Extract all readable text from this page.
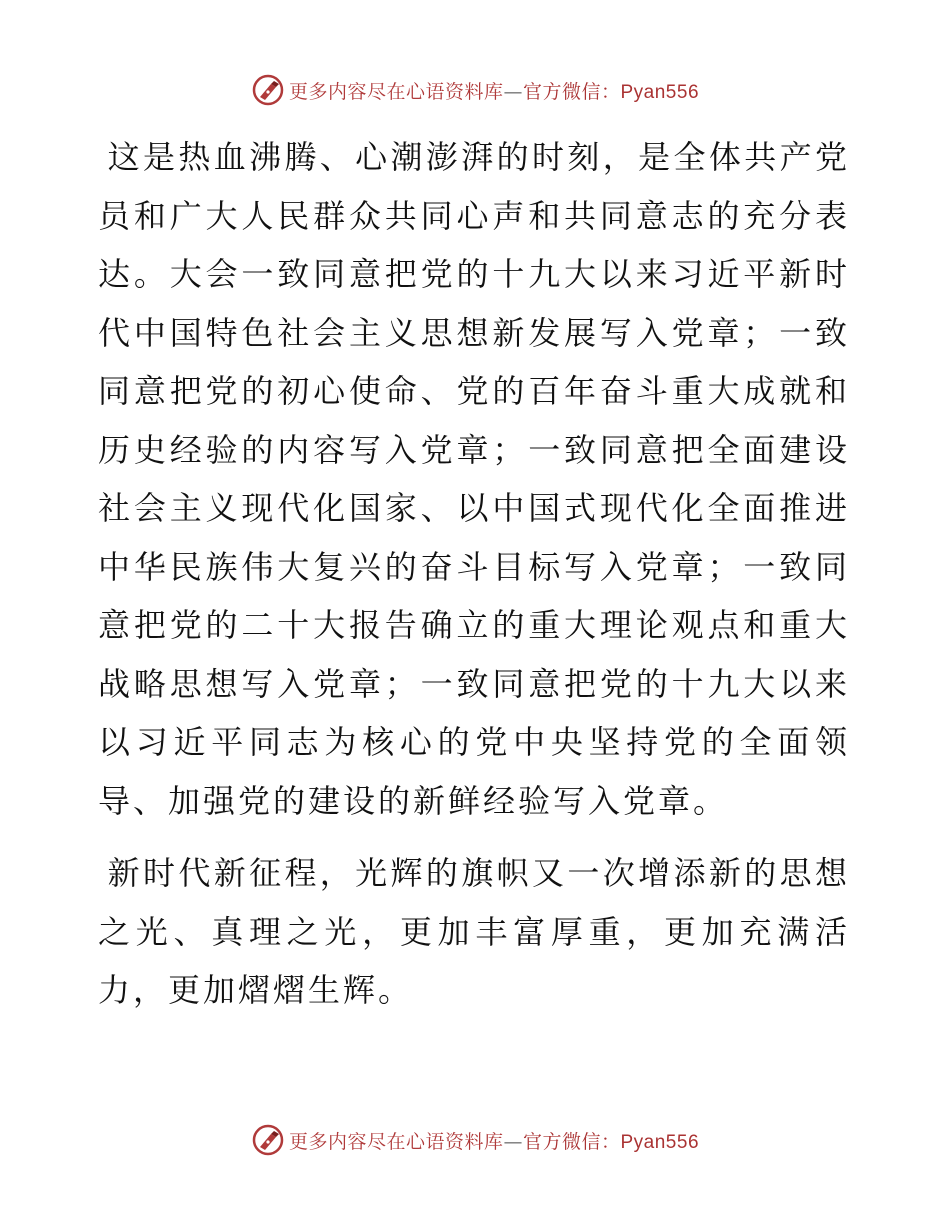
更多内容尽在心语资料库—官方微信：Pyan556

这是热血沸腾、心潮澎湃的时刻，是全体共产党员和广大人民群众共同心声和共同意志的充分表达。大会一致同意把党的十九大以来习近平新时代中国特色社会主义思想新发展写入党章；一致同意把党的初心使命、党的百年奋斗重大成就和历史经验的内容写入党章；一致同意把全面建设社会主义现代化国家、以中国式现代化全面推进中华民族伟大复兴的奋斗目标写入党章；一致同意把党的二十大报告确立的重大理论观点和重大战略思想写入党章；一致同意把党的十九大以来以习近平同志为核心的党中央坚持党的全面领导、加强党的建设的新鲜经验写入党章。

新时代新征程，光辉的旗帜又一次增添新的思想之光、真理之光，更加丰富厚重，更加充满活力，更加熠熠生辉。

更多内容尽在心语资料库—官方微信：Pyan556
